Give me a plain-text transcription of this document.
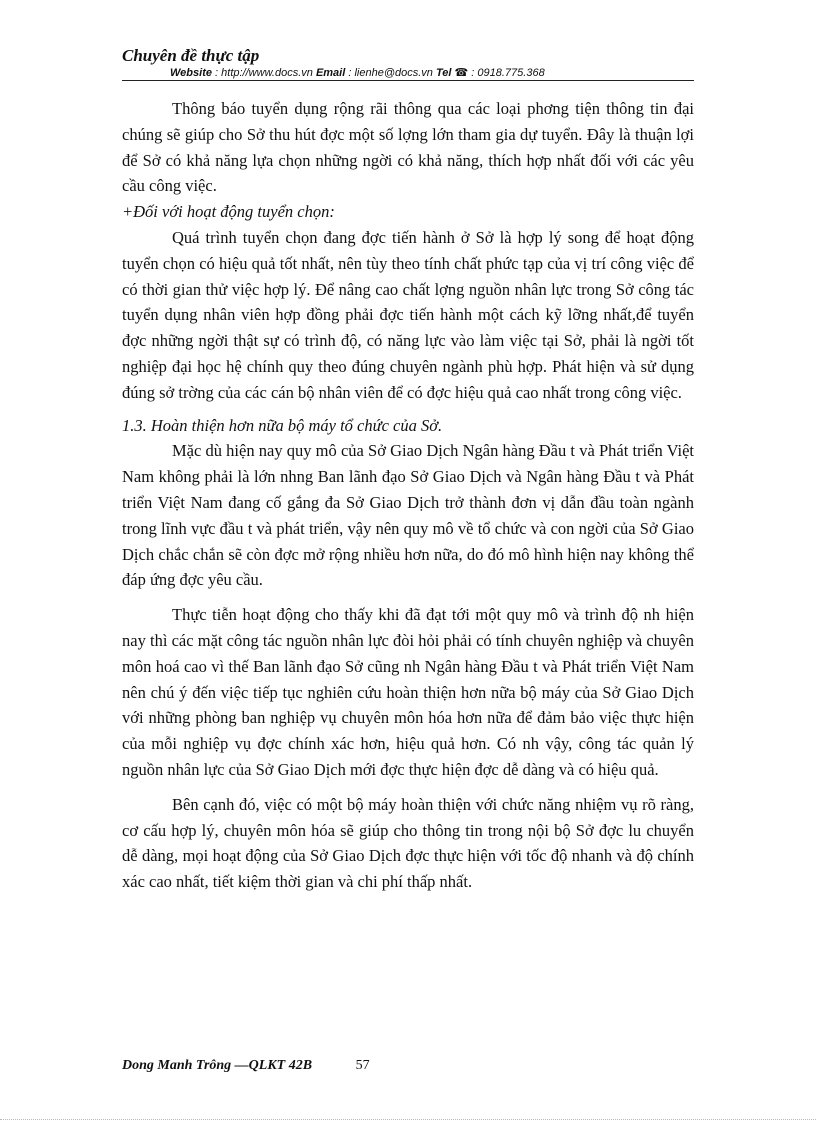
Chuyên đề thực tập
Website : http://www.docs.vn Email : lienhe@docs.vn Tel ☎ : 0918.775.368

Thông báo tuyển dụng rộng rãi thông qua các loại phơng tiện thông tin đại chúng sẽ giúp cho Sở thu hút đợc một số lợng lớn tham gia dự tuyển. Đây là thuận lợi để Sở có khả năng lựa chọn những ngời có khả năng, thích hợp nhất đối với các yêu cầu công việc.

+Đối với hoạt động tuyển chọn:

Quá trình tuyển chọn đang đợc tiến hành ở Sở là hợp lý song để hoạt động tuyển chọn có hiệu quả tốt nhất, nên tùy theo tính chất phức tạp của vị trí công việc để có thời gian thử việc hợp lý. Để nâng cao chất lợng nguồn nhân lực trong Sở công tác tuyển dụng nhân viên hợp đồng phải đợc tiến hành một cách kỹ lỡng nhất,để tuyển đợc những ngời thật sự có trình độ, có năng lực vào làm việc tại Sở, phải là ngời tốt nghiệp đại học hệ chính quy theo đúng chuyên ngành phù hợp. Phát hiện và sử dụng đúng sở trờng của các cán bộ nhân viên để có đợc hiệu quả cao nhất trong công việc.

1.3. Hoàn thiện hơn nữa bộ máy tổ chức của Sở.

Mặc dù hiện nay quy mô của Sở Giao Dịch Ngân hàng Đầu t và Phát triển Việt Nam không phải là lớn nhng Ban lãnh đạo Sở Giao Dịch và Ngân hàng Đầu t và Phát triển Việt Nam đang cố gắng đa Sở Giao Dịch trở thành đơn vị dẫn đầu toàn ngành trong lĩnh vực đầu t và phát triển, vậy nên quy mô về tổ chức và con ngời của Sở Giao Dịch chắc chắn sẽ còn đợc mở rộng nhiều hơn nữa, do đó mô hình hiện nay không thể đáp ứng đợc yêu cầu.

Thực tiễn hoạt động cho thấy khi đã đạt tới một quy mô và trình độ nh hiện nay thì các mặt công tác nguồn nhân lực đòi hỏi phải có tính chuyên nghiệp và chuyên môn hoá cao vì thế Ban lãnh đạo Sở cũng nh Ngân hàng Đầu t và Phát triển Việt Nam nên chú ý đến việc tiếp tục nghiên cứu hoàn thiện hơn nữa bộ máy của Sở Giao Dịch với những phòng ban nghiệp vụ chuyên môn hóa hơn nữa để đảm bảo việc thực hiện của mỗi nghiệp vụ đợc chính xác hơn, hiệu quả hơn. Có nh vậy, công tác quản lý nguồn nhân lực của Sở Giao Dịch mới đợc thực hiện đợc dễ dàng và có hiệu quả.

Bên cạnh đó, việc có một bộ máy hoàn thiện với chức năng nhiệm vụ rõ ràng, cơ cấu hợp lý, chuyên môn hóa sẽ giúp cho thông tin trong nội bộ Sở đợc lu chuyển dễ dàng, mọi hoạt động của Sở Giao Dịch đợc thực hiện với tốc độ nhanh và độ chính xác cao nhất, tiết kiệm thời gian và chi phí thấp nhất.

Dong Manh Trông —QLKT 42B	57
